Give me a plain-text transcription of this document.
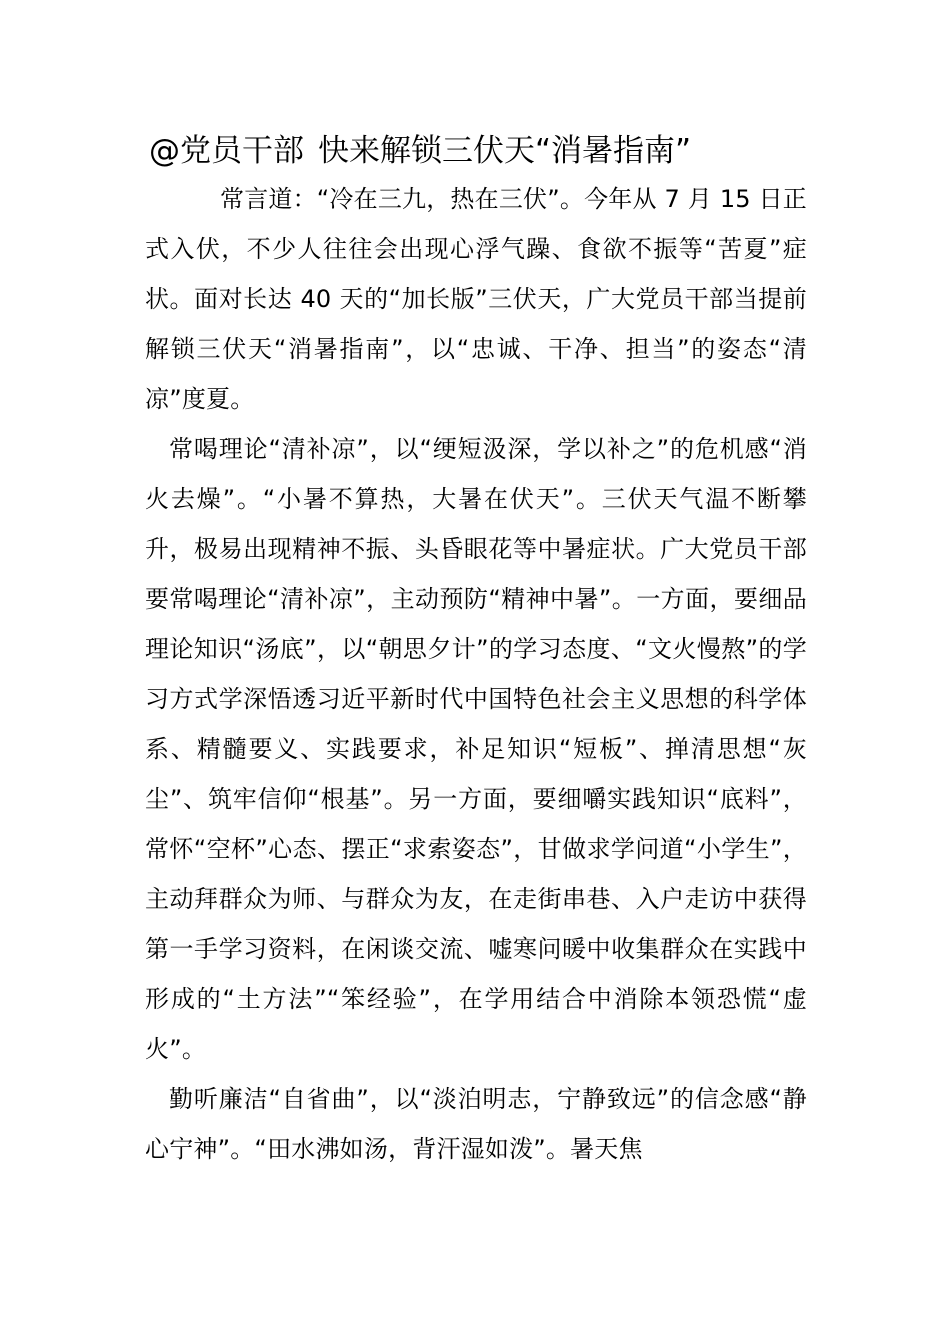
@党员干部 快来解锁三伏天“消暑指南”

常言道：“冷在三九，热在三伏”。今年从 7 月 15 日正式入伏，不少人往往会出现心浮气躁、食欲不振等“苦夏”症状。面对长达 40 天的“加长版”三伏天，广大党员干部当提前解锁三伏天“消暑指南”，以“忠诚、干净、担当”的姿态“清凉”度夏。

常喝理论“清补凉”，以“绠短汲深，学以补之”的危机感“消火去燥”。“小暑不算热，大暑在伏天”。三伏天气温不断攀升，极易出现精神不振、头昏眼花等中暑症状。广大党员干部要常喝理论“清补凉”，主动预防“精神中暑”。一方面，要细品理论知识“汤底”，以“朝思夕计”的学习态度、“文火慢熬”的学习方式学深悟透习近平新时代中国特色社会主义思想的科学体系、精髓要义、实践要求，补足知识“短板”、掸清思想“灰尘”、筑牢信仰“根基”。另一方面，要细嚼实践知识“底料”，常怀“空杯”心态、摆正“求索姿态”，甘做求学问道“小学生”，主动拜群众为师、与群众为友，在走街串巷、入户走访中获得第一手学习资料，在闲谈交流、嘘寒问暖中收集群众在实践中形成的“土方法”“笨经验”，在学用结合中消除本领恐慌“虚火”。

勤听廉洁“自省曲”，以“淡泊明志，宁静致远”的信念感“静心宁神”。“田水沸如汤，背汗湿如泼”。暑天焦
